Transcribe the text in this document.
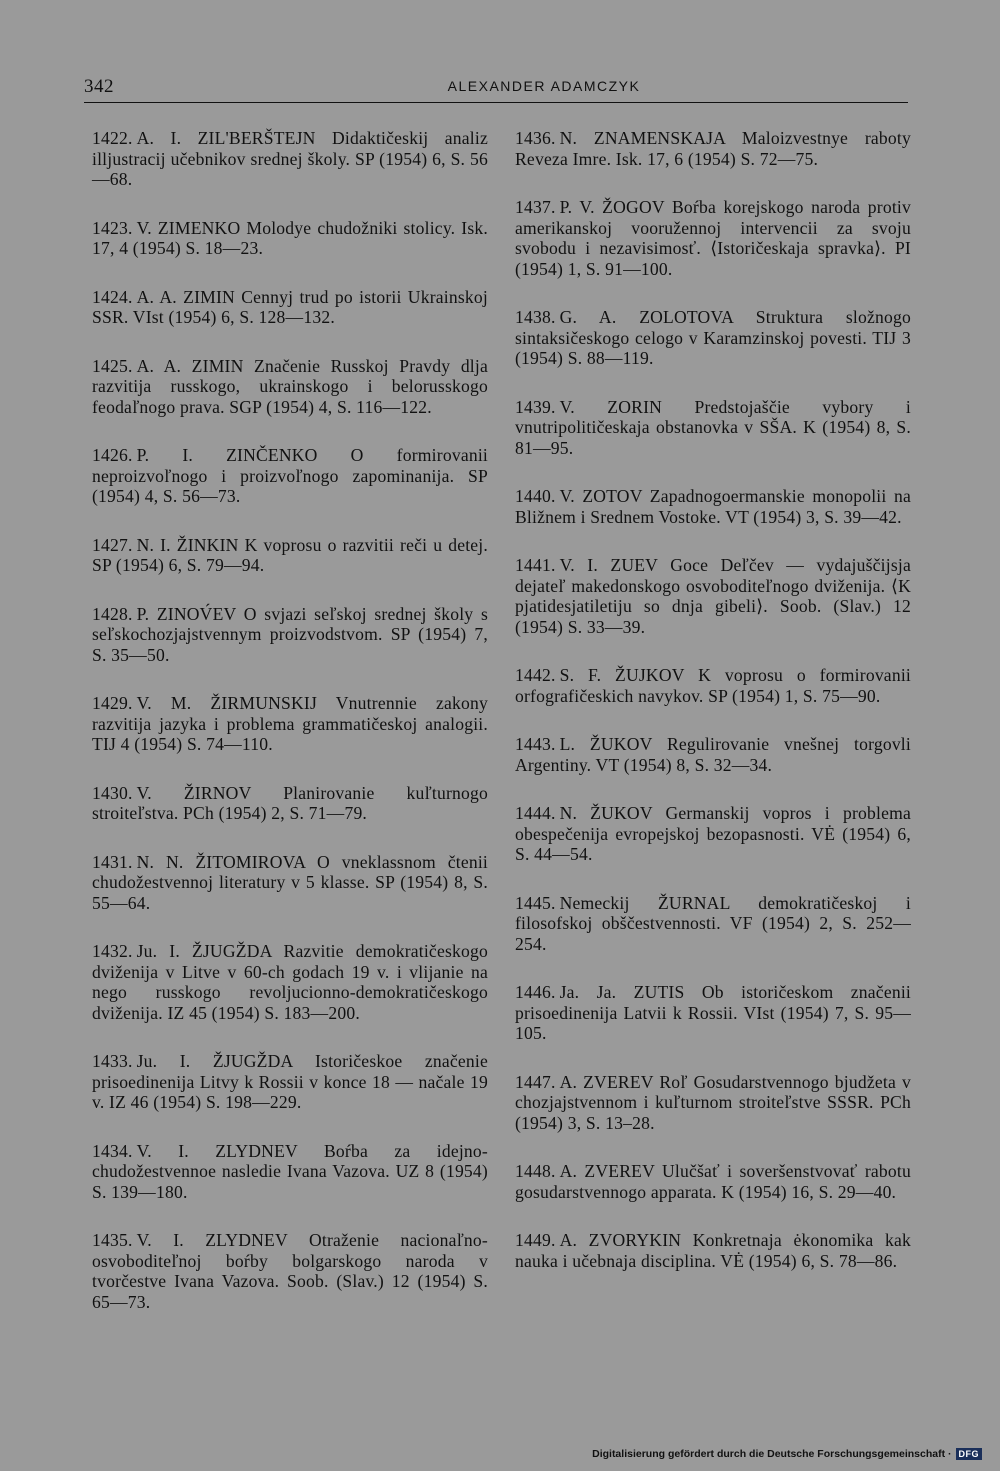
342	ALEXANDER ADAMCZYK

1422. A. I. ZIL'BERŠTEJN Didaktičeskij analiz illjustracij učebnikov srednej školy. SP (1954) 6, S. 56—68.

1423. V. ZIMENKO Molodye chudožniki stolicy. Isk. 17, 4 (1954) S. 18—23.

1424. A. A. ZIMIN Cennyj trud po istorii Ukrainskoj SSR. VIst (1954) 6, S. 128—132.

1425. A. A. ZIMIN Značenie Russkoj Pravdy dlja razvitija russkogo, ukrainskogo i belorusskogo feodaľnogo prava. SGP (1954) 4, S. 116—122.

1426. P. I. ZINČENKO O formirovanii neproizvoľnogo i proizvoľnogo zapominanija. SP (1954) 4, S. 56—73.

1427. N. I. ŽINKIN K voprosu o razvitii reči u detej. SP (1954) 6, S. 79—94.

1428. P. ZINOV́EV O svjazi seľskoj srednej školy s seľskochozjajstvennym proizvodstvom. SP (1954) 7, S. 35—50.

1429. V. M. ŽIRMUNSKIJ Vnutrennie zakony razvitija jazyka i problema grammatičeskoj analogii. TIJ 4 (1954) S. 74—110.

1430. V. ŽIRNOV Planirovanie kuľturnogo stroiteľstva. PCh (1954) 2, S. 71—79.

1431. N. N. ŽITOMIROVA O vneklassnom čtenii chudožestvennoj literatury v 5 klasse. SP (1954) 8, S. 55—64.

1432. Ju. I. ŽJUGŽDA Razvitie demokratičeskogo dviženija v Litve v 60-ch godach 19 v. i vlijanie na nego russkogo revoljucionno-demokratičeskogo dviženija. IZ 45 (1954) S. 183—200.

1433. Ju. I. ŽJUGŽDA Istoričeskoe značenie prisoedinenija Litvy k Rossii v konce 18 — načale 19 v. IZ 46 (1954) S. 198—229.

1434. V. I. ZLYDNEV Boŕba za idejno-chudožestvennoe nasledie Ivana Vazova. UZ 8 (1954) S. 139—180.

1435. V. I. ZLYDNEV Otraženie nacionaľno-osvoboditeľnoj boŕby bolgarskogo naroda v tvorčestve Ivana Vazova. Soob. (Slav.) 12 (1954) S. 65—73.

1436. N. ZNAMENSKAJA Maloizvestnye raboty Reveza Imre. Isk. 17, 6 (1954) S. 72—75.

1437. P. V. ŽOGOV Boŕba korejskogo naroda protiv amerikanskoj vooružennoj intervencii za svoju svobodu i nezavisimosť. ⟨Istoričeskaja spravka⟩. PI (1954) 1, S. 91—100.

1438. G. A. ZOLOTOVA Struktura složnogo sintaksičeskogo celogo v Karamzinskoj povesti. TIJ 3 (1954) S. 88—119.

1439. V. ZORIN Predstojaščie vybory i vnutripolitičeskaja obstanovka v SŠA. K (1954) 8, S. 81—95.

1440. V. ZOTOV Zapadnogoermanskie monopolii na Bližnem i Srednem Vostoke. VT (1954) 3, S. 39—42.

1441. V. I. ZUEV Goce Deľčev — vydajuščijsja dejateľ makedonskogo osvoboditeľnogo dviženija. ⟨K pjatidesjatiletiju so dnja gibeli⟩. Soob. (Slav.) 12 (1954) S. 33—39.

1442. S. F. ŽUJKOV K voprosu o formirovanii orfografičeskich navykov. SP (1954) 1, S. 75—90.

1443. L. ŽUKOV Regulirovanie vnešnej torgovli Argentiny. VT (1954) 8, S. 32—34.

1444. N. ŽUKOV Germanskij vopros i problema obespečenija evropejskoj bezopasnosti. VĖ (1954) 6, S. 44—54.

1445. Nemeckij ŽURNAL demokratičeskoj i filosofskoj obščestvennosti. VF (1954) 2, S. 252—254.

1446. Ja. Ja. ZUTIS Ob istoričeskom značenii prisoedinenija Latvii k Rossii. VIst (1954) 7, S. 95—105.

1447. A. ZVEREV Roľ Gosudarstvennogo bjudžeta v chozjajstvennom i kuľturnom stroiteľstve SSSR. PCh (1954) 3, S. 13–28.

1448. A. ZVEREV Ulučšať i soveršenstvovať rabotu gosudarstvennogo apparata. K (1954) 16, S. 29—40.

1449. A. ZVORYKIN Konkretnaja ėkonomika kak nauka i učebnaja disciplina. VĖ (1954) 6, S. 78—86.

Digitalisierung gefördert durch die Deutsche Forschungsgemeinschaft · DFG
